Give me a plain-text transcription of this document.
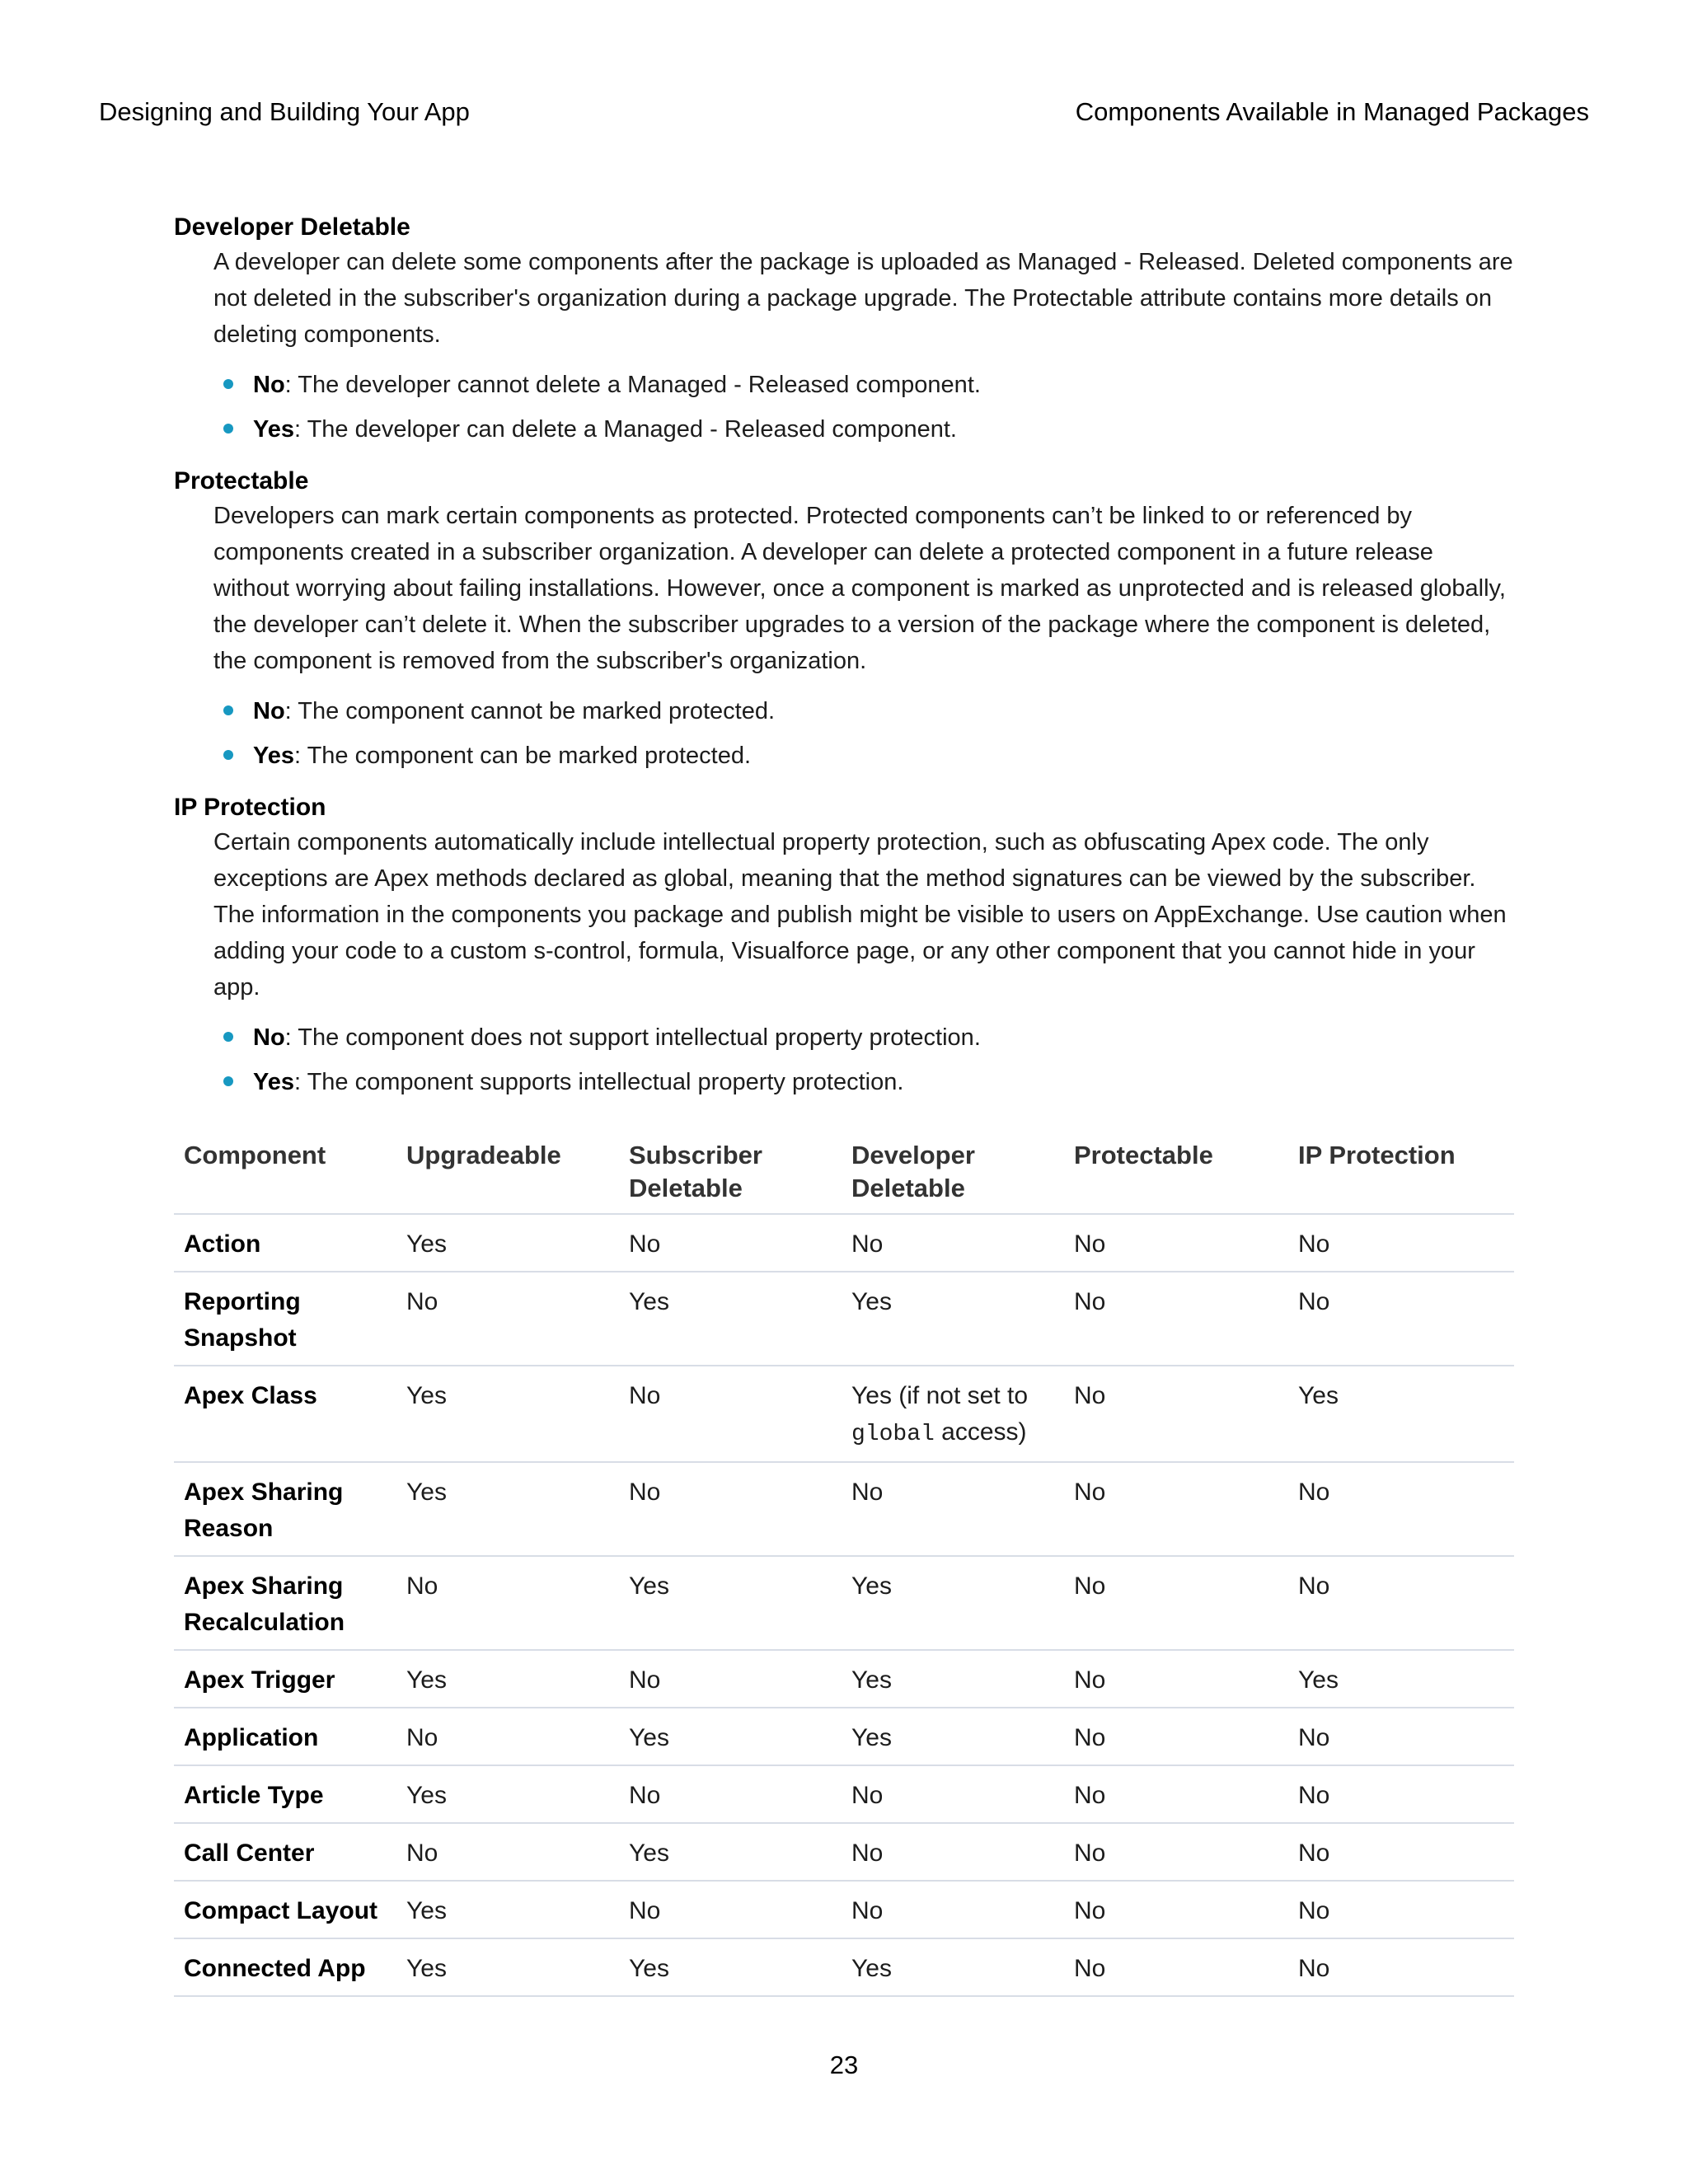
Designing and Building Your App	Components Available in Managed Packages

Developer Deletable

A developer can delete some components after the package is uploaded as Managed - Released. Deleted components are not deleted in the subscriber's organization during a package upgrade. The Protectable attribute contains more details on deleting components.

No: The developer cannot delete a Managed - Released component.
Yes: The developer can delete a Managed - Released component.

Protectable

Developers can mark certain components as protected. Protected components can’t be linked to or referenced by components created in a subscriber organization. A developer can delete a protected component in a future release without worrying about failing installations. However, once a component is marked as unprotected and is released globally, the developer can’t delete it. When the subscriber upgrades to a version of the package where the component is deleted, the component is removed from the subscriber's organization.

No: The component cannot be marked protected.
Yes: The component can be marked protected.

IP Protection

Certain components automatically include intellectual property protection, such as obfuscating Apex code. The only exceptions are Apex methods declared as global, meaning that the method signatures can be viewed by the subscriber. The information in the components you package and publish might be visible to users on AppExchange. Use caution when adding your code to a custom s-control, formula, Visualforce page, or any other component that you cannot hide in your app.

No: The component does not support intellectual property protection.
Yes: The component supports intellectual property protection.
Component	Upgradeable	Subscriber Deletable	Developer Deletable	Protectable	IP Protection
Action	Yes	No	No	No	No
Reporting Snapshot	No	Yes	Yes	No	No
Apex Class	Yes	No	Yes (if not set to global access)	No	Yes
Apex Sharing Reason	Yes	No	No	No	No
Apex Sharing Recalculation	No	Yes	Yes	No	No
Apex Trigger	Yes	No	Yes	No	Yes
Application	No	Yes	Yes	No	No
Article Type	Yes	No	No	No	No
Call Center	No	Yes	No	No	No
Compact Layout	Yes	No	No	No	No
Connected App	Yes	Yes	Yes	No	No
23
